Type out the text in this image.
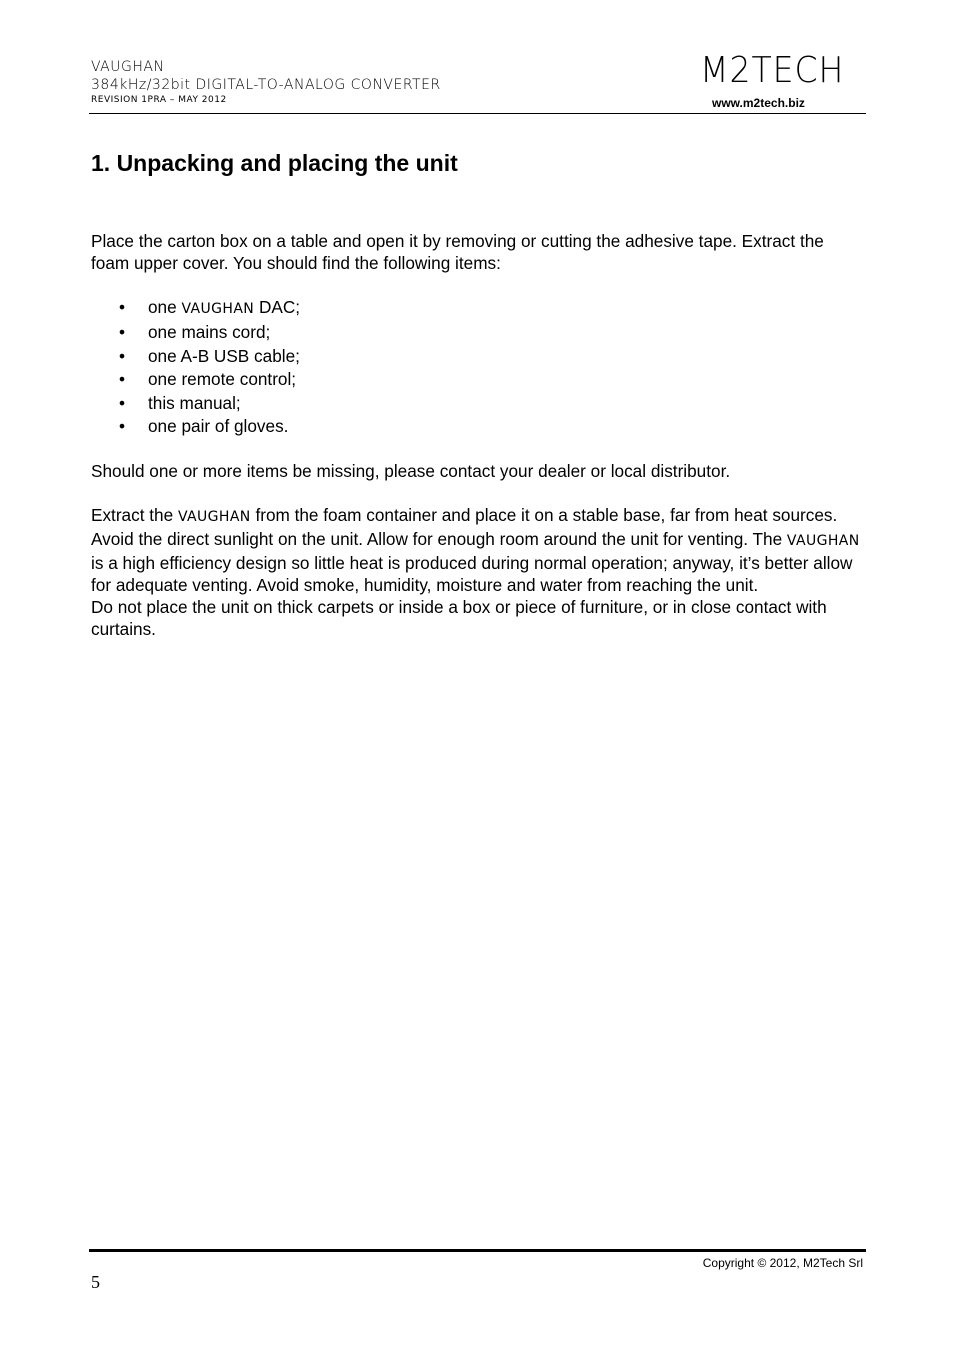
VAUGHAN
384kHz/32bit DIGITAL-TO-ANALOG CONVERTER
REVISION 1PRA – MAY 2012
M2TECH
www.m2tech.biz
1. Unpacking and placing the unit

Place the carton box on a table and open it by removing or cutting the adhesive tape. Extract the foam upper cover. You should find the following items:

• one VAUGHAN DAC;
• one mains cord;
• one A-B USB cable;
• one remote control;
• this manual;
• one pair of gloves.

Should one or more items be missing, please contact your dealer or local distributor.

Extract the VAUGHAN from the foam container and place it on a stable base, far from heat sources. Avoid the direct sunlight on the unit. Allow for enough room around the unit for venting. The VAUGHAN is a high efficiency design so little heat is produced during normal operation; anyway, it’s better allow for adequate venting. Avoid smoke, humidity, moisture and water from reaching the unit.

Do not place the unit on thick carpets or inside a box or piece of furniture, or in close contact with curtains.

Copyright © 2012, M2Tech Srl
5
